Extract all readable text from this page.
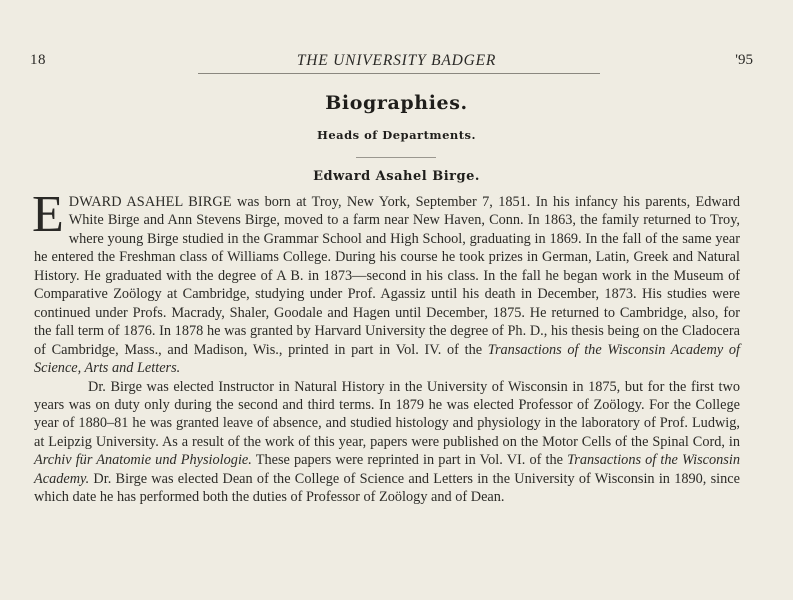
18	THE UNIVERSITY BADGER	'95
Biographies.
Heads of Departments.
Edward Asahel Birge.

EDWARD ASAHEL BIRGE was born at Troy, New York, September 7, 1851. In his infancy his parents, Edward White Birge and Ann Stevens Birge, moved to a farm near New Haven, Conn. In 1863, the family returned to Troy, where young Birge studied in the Grammar School and High School, graduating in 1869. In the fall of the same year he entered the Freshman class of Williams College. During his course he took prizes in German, Latin, Greek and Natural History. He graduated with the degree of A B. in 1873—second in his class. In the fall he began work in the Museum of Comparative Zoölogy at Cambridge, studying under Prof. Agassiz until his death in December, 1873. His studies were continued under Profs. Macrady, Shaler, Goodale and Hagen until December, 1875. He returned to Cambridge, also, for the fall term of 1876. In 1878 he was granted by Harvard University the degree of Ph. D., his thesis being on the Cladocera of Cambridge, Mass., and Madison, Wis., printed in part in Vol. IV. of the Transactions of the Wisconsin Academy of Science, Arts and Letters.

Dr. Birge was elected Instructor in Natural History in the University of Wisconsin in 1875, but for the first two years was on duty only during the second and third terms. In 1879 he was elected Professor of Zoölogy. For the College year of 1880–81 he was granted leave of absence, and studied histology and physiology in the laboratory of Prof. Ludwig, at Leipzig University. As a result of the work of this year, papers were published on the Motor Cells of the Spinal Cord, in Archiv für Anatomie und Physiologie. These papers were reprinted in part in Vol. VI. of the Transactions of the Wisconsin Academy. Dr. Birge was elected Dean of the College of Science and Letters in the University of Wisconsin in 1890, since which date he has performed both the duties of Professor of Zoölogy and of Dean.
